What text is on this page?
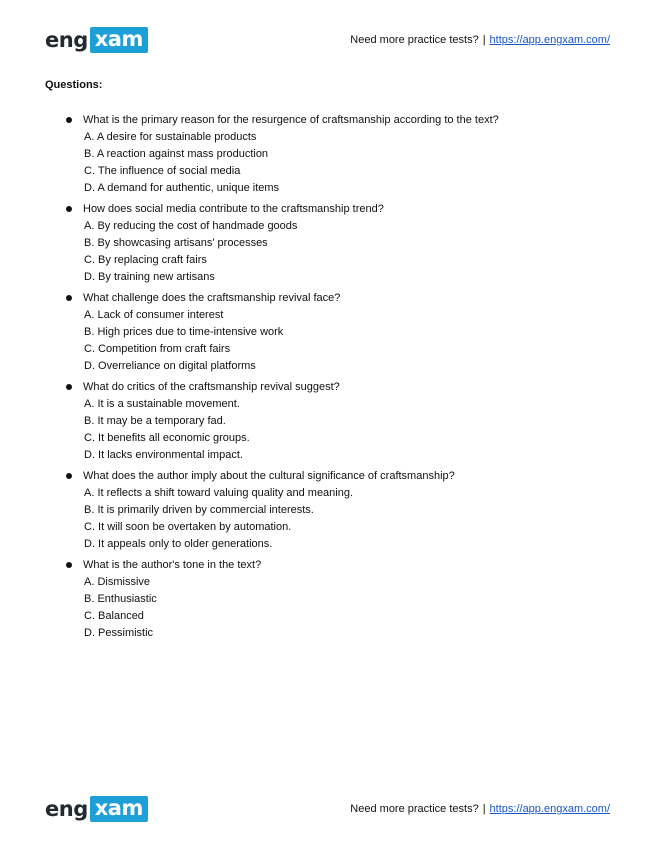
eng xam	Need more practice tests? | https://app.engxam.com/
Questions:
What is the primary reason for the resurgence of craftsmanship according to the text?
A. A desire for sustainable products
B. A reaction against mass production
C. The influence of social media
D. A demand for authentic, unique items
How does social media contribute to the craftsmanship trend?
A. By reducing the cost of handmade goods
B. By showcasing artisans' processes
C. By replacing craft fairs
D. By training new artisans
What challenge does the craftsmanship revival face?
A. Lack of consumer interest
B. High prices due to time-intensive work
C. Competition from craft fairs
D. Overreliance on digital platforms
What do critics of the craftsmanship revival suggest?
A. It is a sustainable movement.
B. It may be a temporary fad.
C. It benefits all economic groups.
D. It lacks environmental impact.
What does the author imply about the cultural significance of craftsmanship?
A. It reflects a shift toward valuing quality and meaning.
B. It is primarily driven by commercial interests.
C. It will soon be overtaken by automation.
D. It appeals only to older generations.
What is the author's tone in the text?
A. Dismissive
B. Enthusiastic
C. Balanced
D. Pessimistic
eng xam	Need more practice tests? | https://app.engxam.com/
